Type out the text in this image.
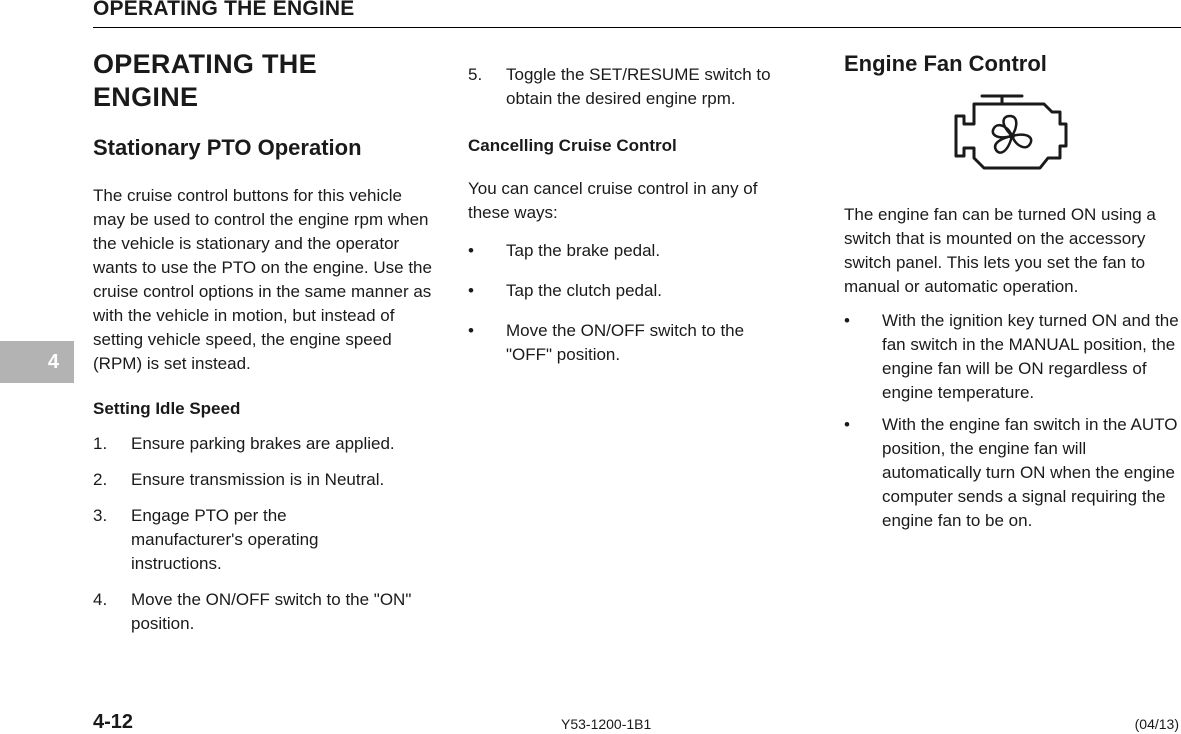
OPERATING THE ENGINE
4
OPERATING THE
ENGINE
Stationary PTO Operation

The cruise control buttons for this vehicle may be used to control the engine rpm when the vehicle is stationary and the operator wants to use the PTO on the engine. Use the cruise control options in the same manner as with the vehicle in motion, but instead of setting vehicle speed, the engine speed (RPM) is set instead.

Setting Idle Speed
1. Ensure parking brakes are applied.
2. Ensure transmission is in Neutral.
3. Engage PTO per the manufacturer's operating instructions.
4. Move the ON/OFF switch to the "ON" position.
5. Toggle the SET/RESUME switch to obtain the desired engine rpm.
Cancelling Cruise Control

You can cancel cruise control in any of these ways:

• Tap the brake pedal.
• Tap the clutch pedal.
• Move the ON/OFF switch to the "OFF" position.
Engine Fan Control

The engine fan can be turned ON using a switch that is mounted on the accessory switch panel. This lets you set the fan to manual or automatic operation.

• With the ignition key turned ON and the fan switch in the MANUAL position, the engine fan will be ON regardless of engine temperature.
• With the engine fan switch in the AUTO position, the engine fan will automatically turn ON when the engine computer sends a signal requiring the engine fan to be on.
4-12	Y53-1200-1B1	(04/13)
